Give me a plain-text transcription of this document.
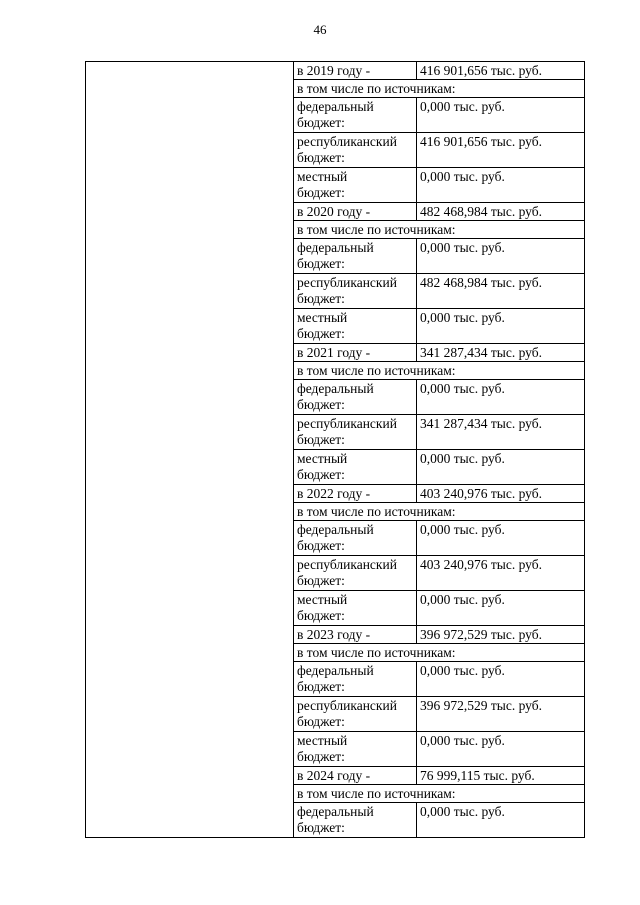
46
	в 2019 году -	416 901,656 тыс. руб.
	в том числе по источникам:	
	федеральный
бюджет:	0,000 тыс. руб.
	республиканский
бюджет:	416 901,656 тыс. руб.
	местный
бюджет:	0,000 тыс. руб.
	в 2020 году -	482 468,984 тыс. руб.
	в том числе по источникам:	
	федеральный
бюджет:	0,000 тыс. руб.
	республиканский
бюджет:	482 468,984 тыс. руб.
	местный
бюджет:	0,000 тыс. руб.
	в 2021 году -	341 287,434 тыс. руб.
	в том числе по источникам:	
	федеральный
бюджет:	0,000 тыс. руб.
	республиканский
бюджет:	341 287,434 тыс. руб.
	местный
бюджет:	0,000 тыс. руб.
	в 2022 году -	403 240,976 тыс. руб.
	в том числе по источникам:	
	федеральный
бюджет:	0,000 тыс. руб.
	республиканский
бюджет:	403 240,976 тыс. руб.
	местный
бюджет:	0,000 тыс. руб.
	в 2023 году -	396 972,529 тыс. руб.
	в том числе по источникам:	
	федеральный
бюджет:	0,000 тыс. руб.
	республиканский
бюджет:	396 972,529 тыс. руб.
	местный
бюджет:	0,000 тыс. руб.
	в 2024 году -	76 999,115 тыс. руб.
	в том числе по источникам:	
	федеральный
бюджет:	0,000 тыс. руб.
